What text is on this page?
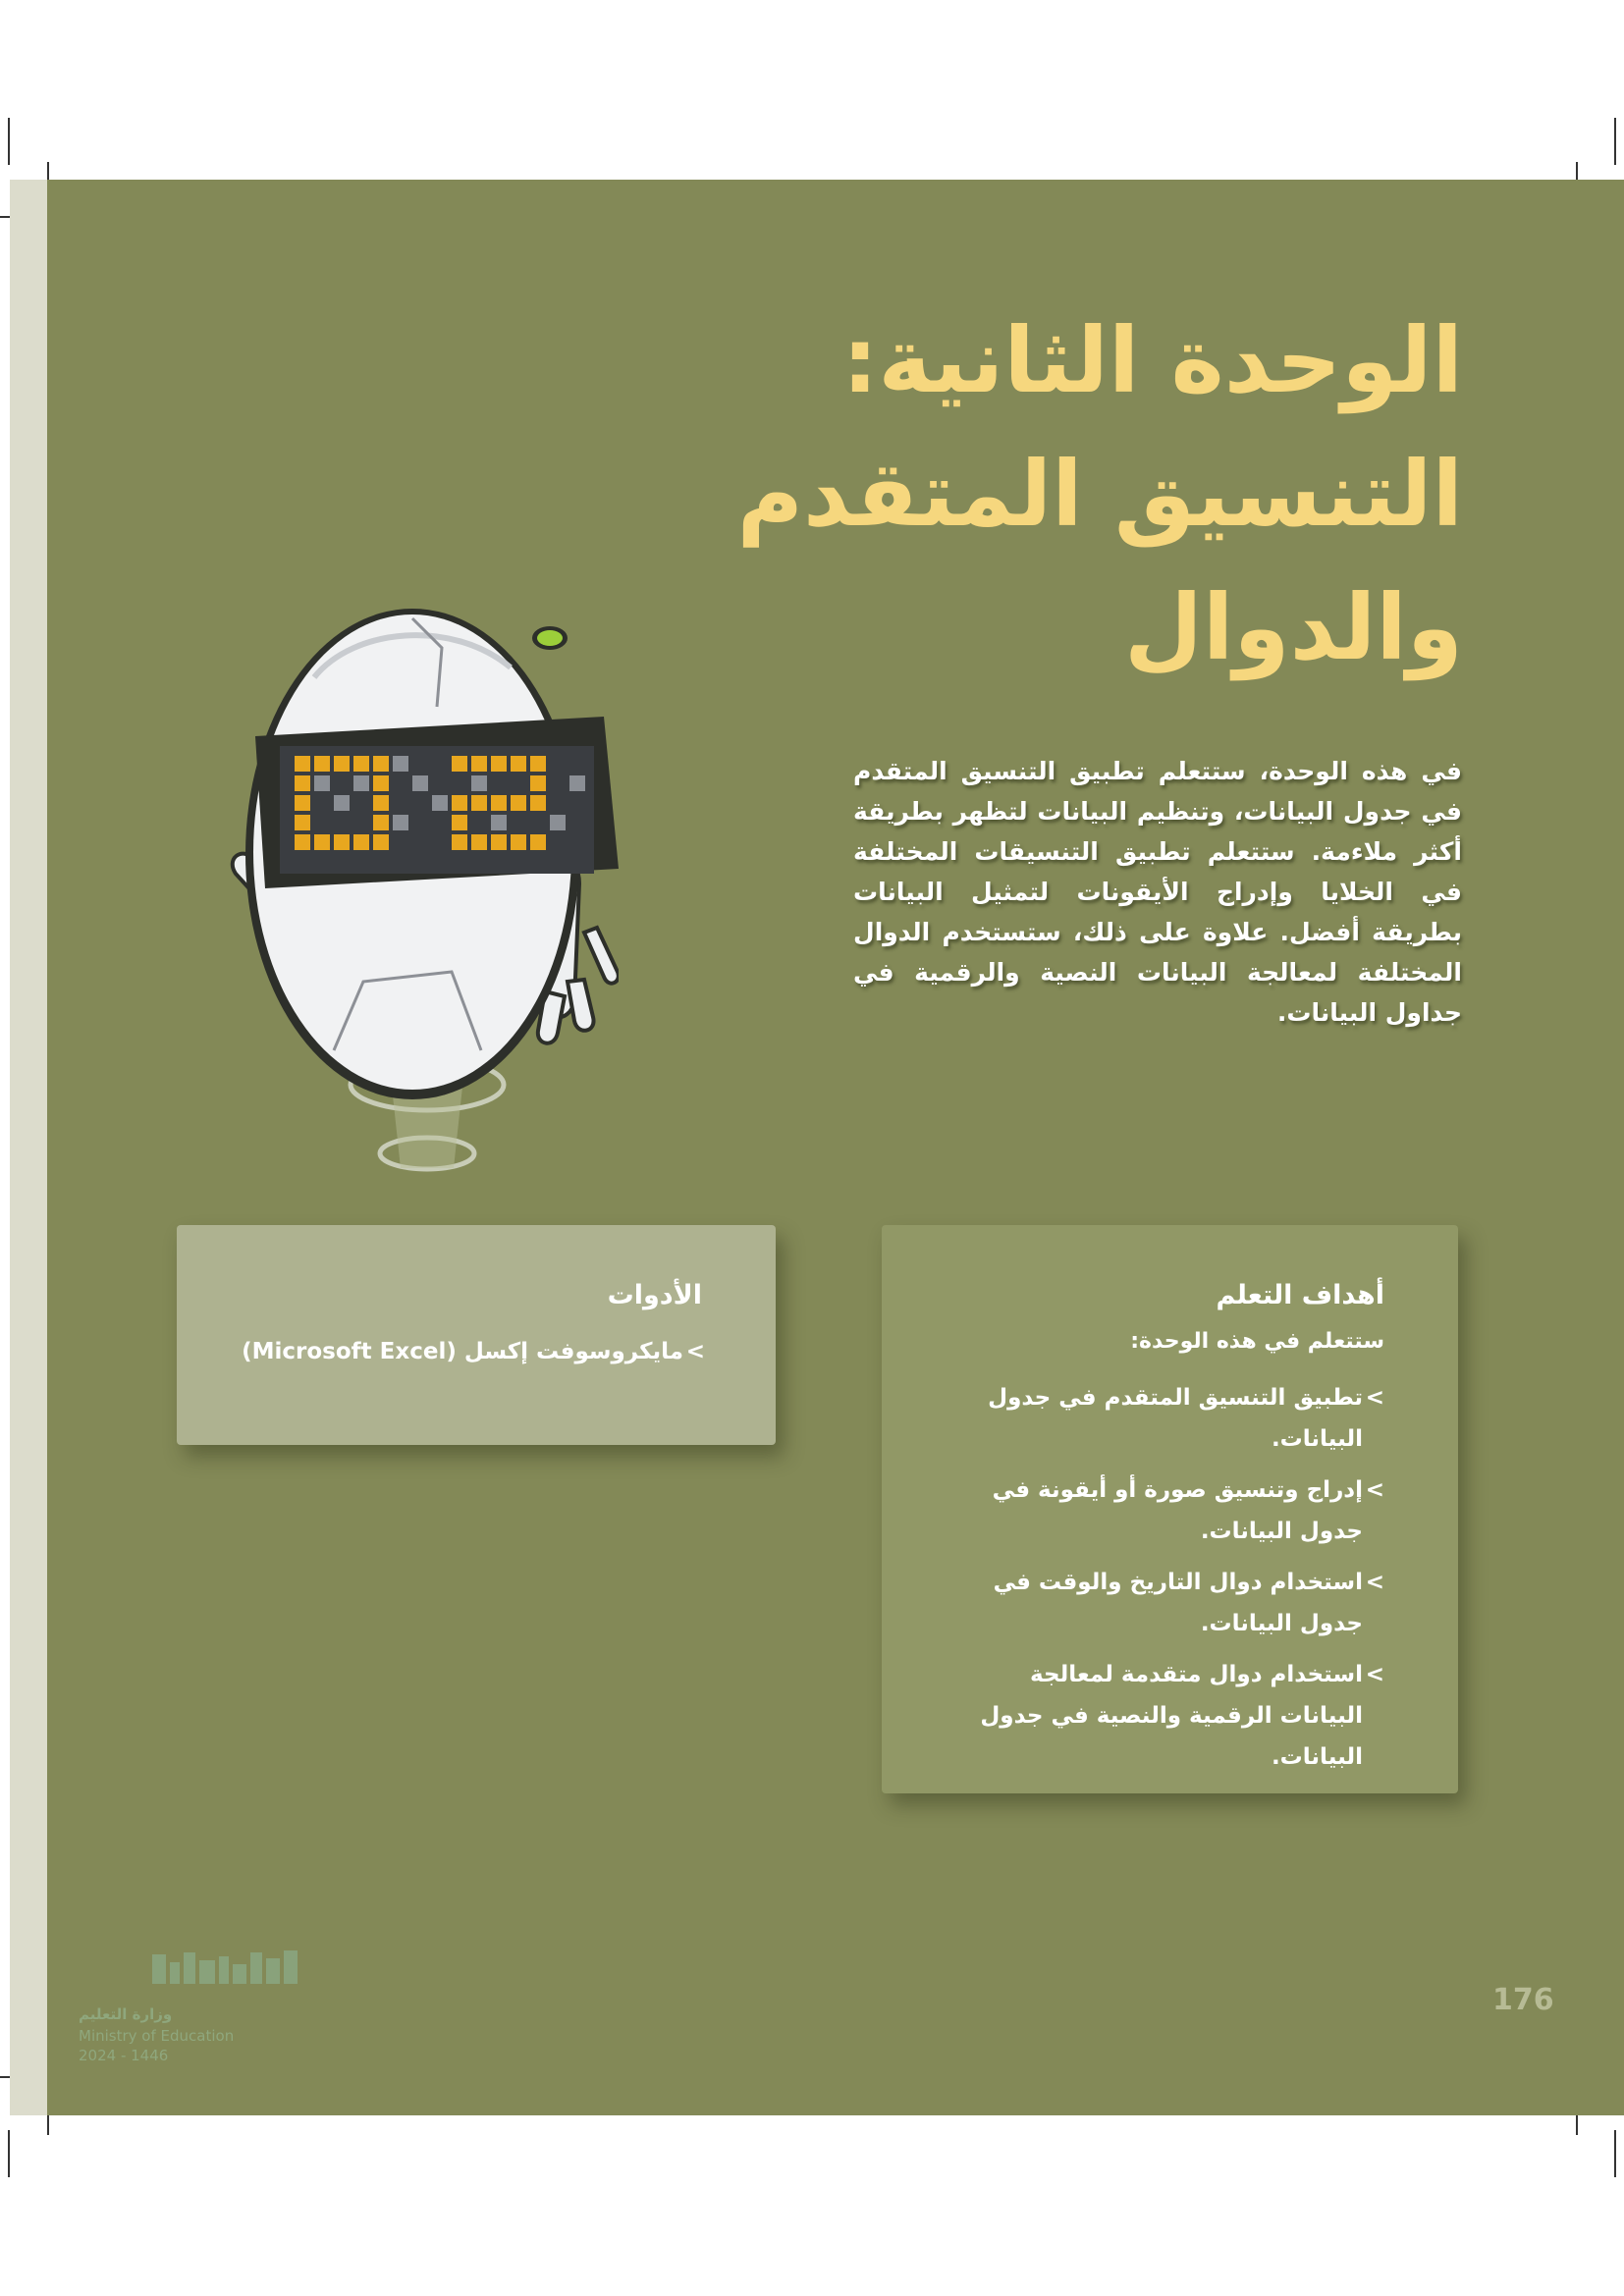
الوحدة الثانية:
التنسيق المتقدم والدوال

في هذه الوحدة، ستتعلم تطبيق التنسيق المتقدم في جدول البيانات، وتنظيم البيانات لتظهر بطريقة أكثر ملاءمة. ستتعلم تطبيق التنسيقات المختلفة في الخلايا وإدراج الأيقونات لتمثيل البيانات بطريقة أفضل. علاوة على ذلك، ستستخدم الدوال المختلفة لمعالجة البيانات النصية والرقمية في جداول البيانات.

أهداف التعلم

ستتعلم في هذه الوحدة:

>
تطبيق التنسيق المتقدم في جدول البيانات.
>
إدراج وتنسيق صورة أو أيقونة في جدول البيانات.
>
استخدام دوال التاريخ والوقت في جدول البيانات.
>
استخدام دوال متقدمة لمعالجة البيانات الرقمية والنصية في جدول البيانات.
الأدوات
>
مايكروسوفت إكسل (Microsoft Excel)
176
وزارة التعليم
Ministry of Education
2024 - 1446
